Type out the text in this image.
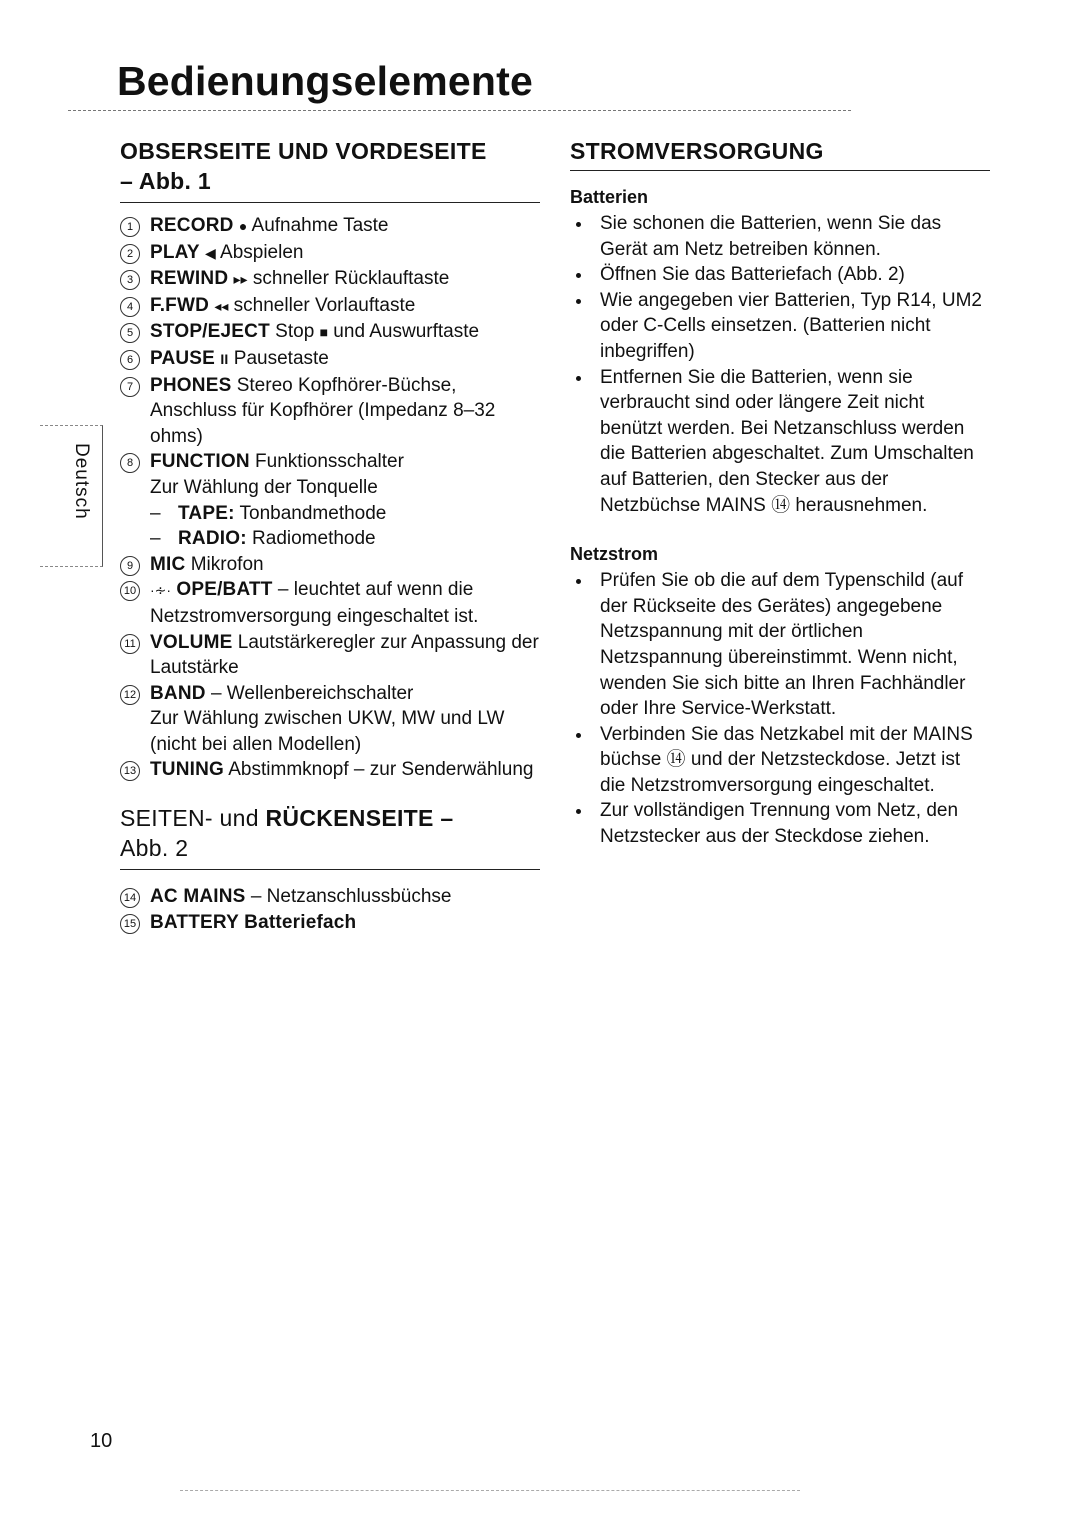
Bedienungselemente
Deutsch
OBSERSEITE UND VORDESEITE
– Abb. 1
1 RECORD ● Aufnahme Taste
2 PLAY ◀ Abspielen
3 REWIND ▸▸ schneller Rücklauftaste
4 F.FWD ◂◂ schneller Vorlauftaste
5 STOP/EJECT Stop ■ und Auswurftaste
6 PAUSE II Pausetaste
7 PHONES Stereo Kopfhörer-Büchse, Anschluss für Kopfhörer (Impedanz 8–32 ohms)
8 FUNCTION Funktionsschalter
Zur Wählung der Tonquelle
– TAPE: Tonbandmethode
– RADIO: Radiomethode
9 MIC Mikrofon
10 ·∻· OPE/BATT – leuchtet auf wenn die Netzstromversorgung eingeschaltet ist.
11 VOLUME Lautstärkeregler zur Anpassung der Lautstärke
12 BAND – Wellenbereichschalter
Zur Wählung zwischen UKW, MW und LW (nicht bei allen Modellen)
13 TUNING Abstimmknopf – zur Senderwählung
SEITEN- und RÜCKENSEITE –
Abb. 2
14 AC MAINS – Netzanschlussbüchse
15 BATTERY Batteriefach
STROMVERSORGUNG
Batterien
Sie schonen die Batterien, wenn Sie das Gerät am Netz betreiben können.
Öffnen Sie das Batteriefach (Abb. 2)
Wie angegeben vier Batterien, Typ R14, UM2 oder C-Cells einsetzen. (Batterien nicht inbegriffen)
Entfernen Sie die Batterien, wenn sie verbraucht sind oder längere Zeit nicht benützt werden. Bei Netzanschluss werden die Batterien abgeschaltet. Zum Umschalten auf Batterien, den Stecker aus der Netzbüchse MAINS ⑭ herausnehmen.
Netzstrom
Prüfen Sie ob die auf dem Typenschild (auf der Rückseite des Gerätes) angegebene Netzspannung mit der örtlichen Netzspannung übereinstimmt. Wenn nicht, wenden Sie sich bitte an Ihren Fachhändler oder Ihre Service-Werkstatt.
Verbinden Sie das Netzkabel mit der MAINS büchse ⑭ und der Netzsteckdose. Jetzt ist die Netzstromversorgung eingeschaltet.
Zur vollständigen Trennung vom Netz, den Netzstecker aus der Steckdose ziehen.
10
